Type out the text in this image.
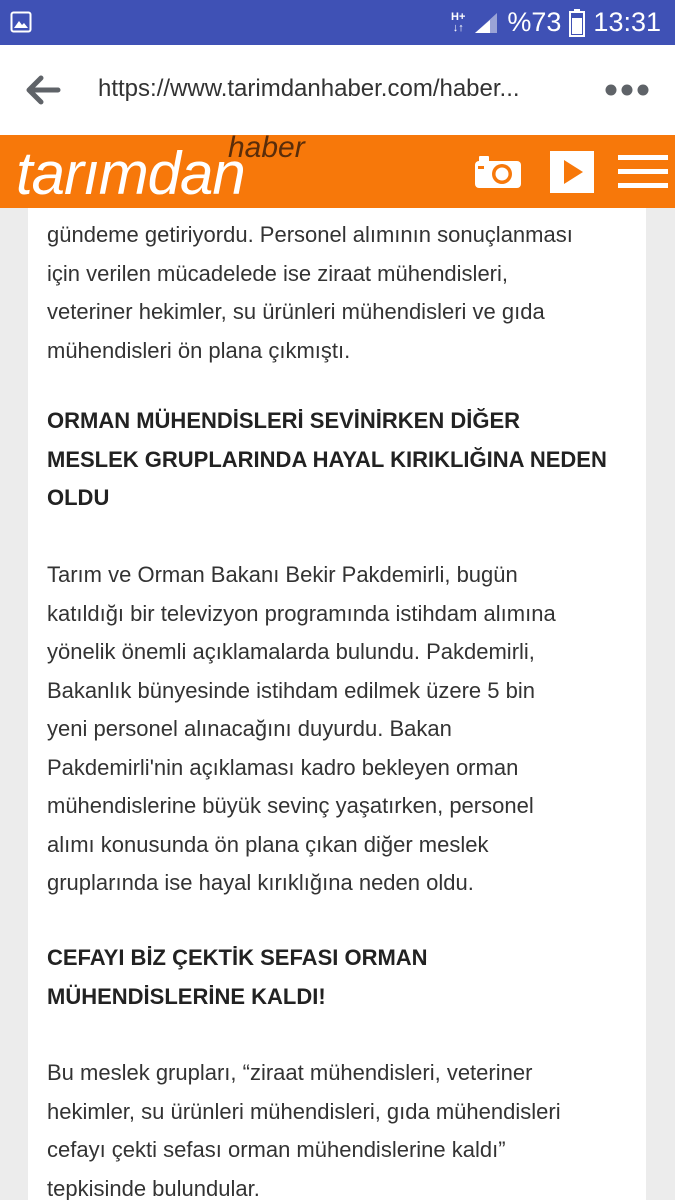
H+
↓↑ %73 13:31
https://www.tarimdanhaber.com/haber...
tarımdan
haber

gündeme getiriyordu. Personel alımının sonuçlanması
için verilen mücadelede ise ziraat mühendisleri,
veteriner hekimler, su ürünleri mühendisleri ve gıda
mühendisleri ön plana çıkmıştı.

ORMAN MÜHENDİSLERİ SEVİNİRKEN DİĞER
MESLEK GRUPLARINDA HAYAL KIRIKLIĞINA NEDEN
OLDU

Tarım ve Orman Bakanı Bekir Pakdemirli, bugün
katıldığı bir televizyon programında istihdam alımına
yönelik önemli açıklamalarda bulundu. Pakdemirli,
Bakanlık bünyesinde istihdam edilmek üzere 5 bin
yeni personel alınacağını duyurdu. Bakan
Pakdemirli'nin açıklaması kadro bekleyen orman
mühendislerine büyük sevinç yaşatırken, personel
alımı konusunda ön plana çıkan diğer meslek
gruplarında ise hayal kırıklığına neden oldu.

CEFAYI BİZ ÇEKTİK SEFASI ORMAN
MÜHENDİSLERİNE KALDI!

Bu meslek grupları, “ziraat mühendisleri, veteriner
hekimler, su ürünleri mühendisleri, gıda mühendisleri
cefayı çekti sefası orman mühendislerine kaldı”
tepkisinde bulundular.
